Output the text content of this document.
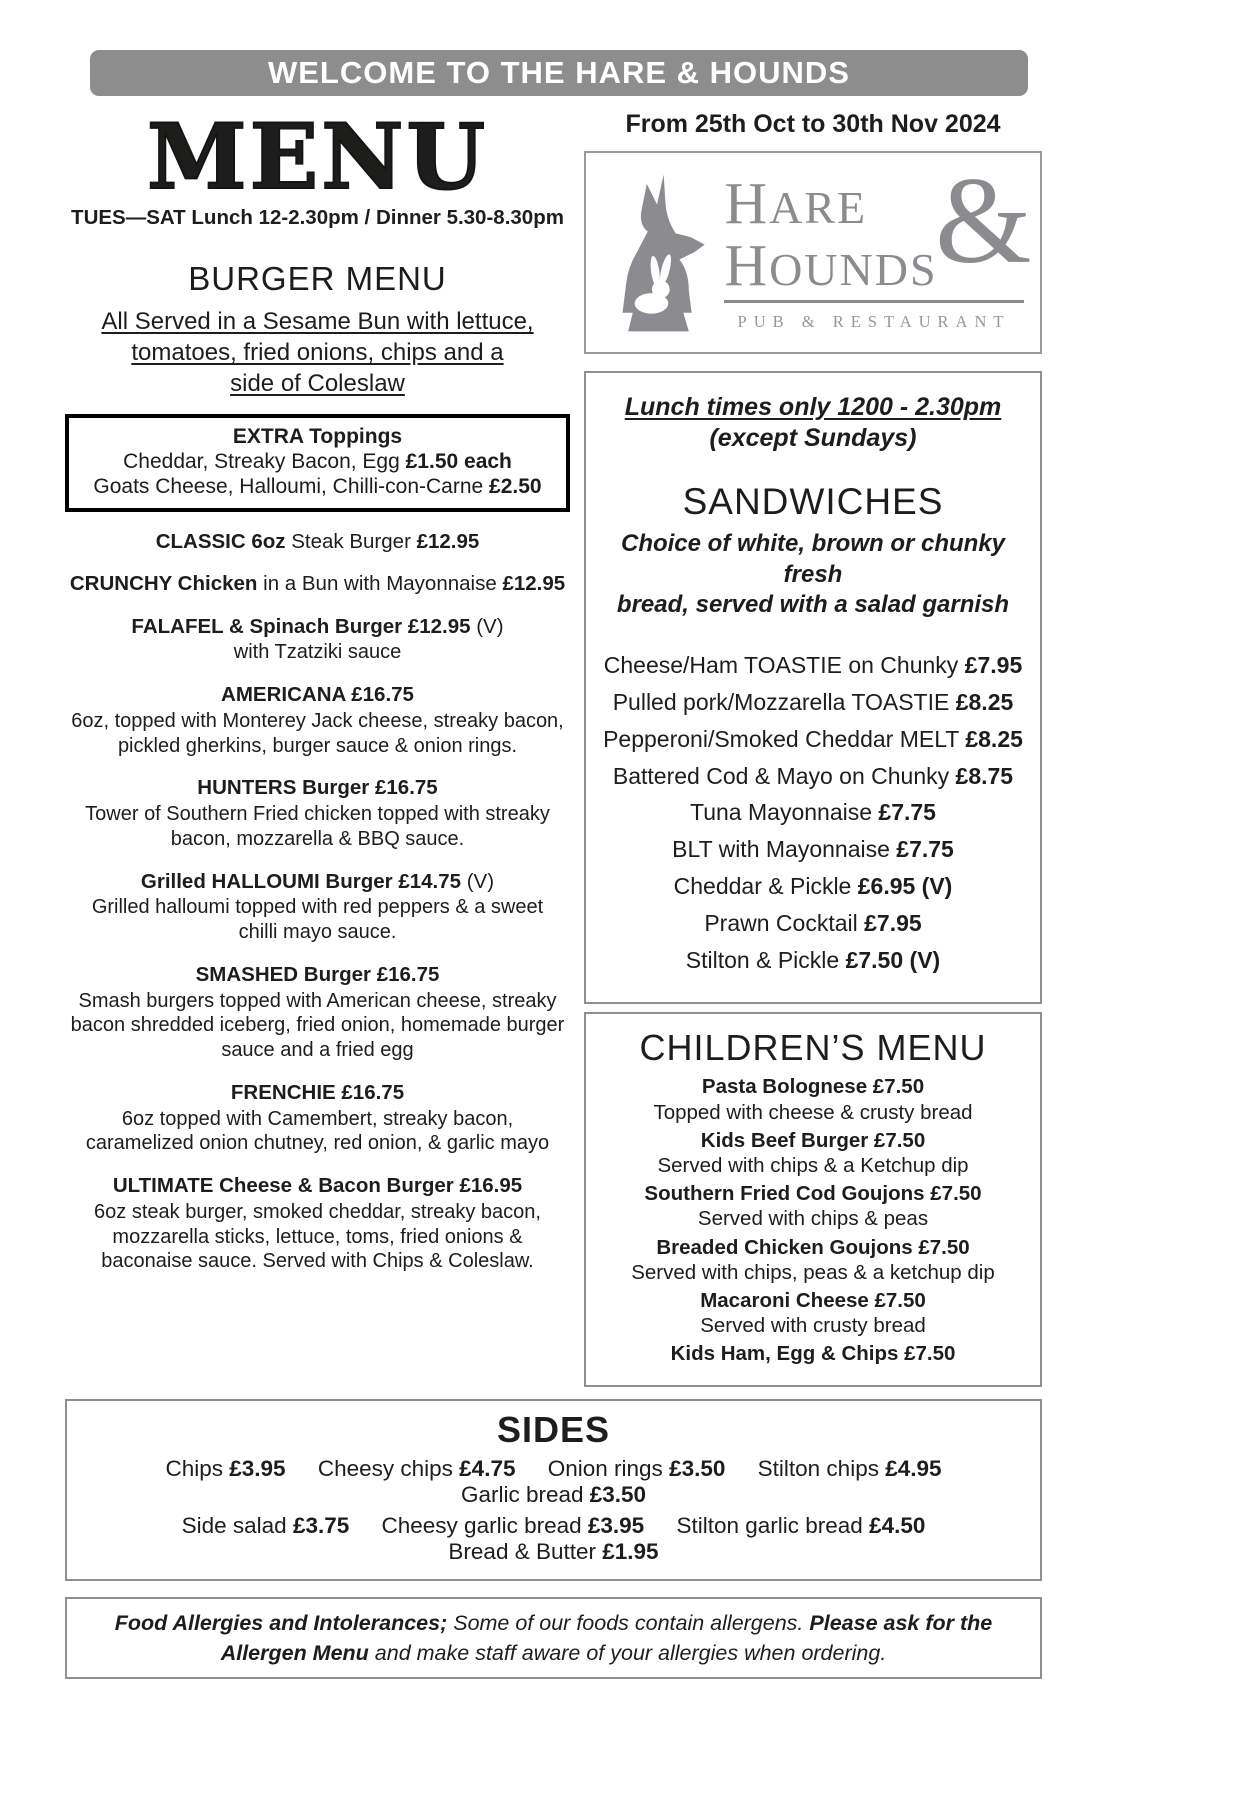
WELCOME TO THE HARE & HOUNDS
MENU
TUES—SAT Lunch 12-2.30pm / Dinner 5.30-8.30pm
BURGER MENU
All Served in a Sesame Bun with lettuce,
tomatoes, fried onions, chips and a
side of Coleslaw
EXTRA Toppings
Cheddar, Streaky Bacon, Egg £1.50 each
Goats Cheese, Halloumi, Chilli-con-Carne £2.50
CLASSIC 6oz Steak Burger £12.95
CRUNCHY Chicken in a Bun with Mayonnaise £12.95
FALAFEL & Spinach Burger £12.95 (V)
with Tzatziki sauce
AMERICANA £16.75
6oz, topped with Monterey Jack cheese, streaky bacon, pickled gherkins, burger sauce & onion rings.
HUNTERS Burger £16.75
Tower of Southern Fried chicken topped with streaky bacon, mozzarella & BBQ sauce.
Grilled HALLOUMI Burger £14.75 (V)
Grilled halloumi topped with red peppers & a sweet chilli mayo sauce.
SMASHED Burger £16.75
Smash burgers topped with American cheese, streaky bacon shredded iceberg, fried onion, homemade burger sauce and a fried egg
FRENCHIE £16.75
6oz topped with Camembert, streaky bacon, caramelized onion chutney, red onion, & garlic mayo
ULTIMATE Cheese & Bacon Burger £16.95
6oz steak burger, smoked cheddar, streaky bacon, mozzarella sticks, lettuce, toms, fried onions & baconaise sauce. Served with Chips & Coleslaw.
From 25th Oct to 30th Nov 2024
HARE
HOUNDS
&
PUB & RESTAURANT
Lunch times only 1200 - 2.30pm
(except Sundays)
SANDWICHES
Choice of white, brown or chunky fresh
bread, served with a salad garnish
Cheese/Ham TOASTIE on Chunky £7.95
Pulled pork/Mozzarella TOASTIE £8.25
Pepperoni/Smoked Cheddar MELT £8.25
Battered Cod & Mayo on Chunky £8.75
Tuna Mayonnaise £7.75
BLT with Mayonnaise £7.75
Cheddar & Pickle £6.95 (V)
Prawn Cocktail £7.95
Stilton & Pickle £7.50 (V)
CHILDREN’S MENU
Pasta Bolognese £7.50
Topped with cheese & crusty bread
Kids Beef Burger £7.50
Served with chips & a Ketchup dip
Southern Fried Cod Goujons £7.50
Served with chips & peas
Breaded Chicken Goujons £7.50
Served with chips, peas & a ketchup dip
Macaroni Cheese £7.50
Served with crusty bread
Kids Ham, Egg & Chips £7.50
SIDES
Chips £3.95 Cheesy chips £4.75 Onion rings £3.50 Stilton chips £4.95 Garlic bread £3.50
Side salad £3.75 Cheesy garlic bread £3.95 Stilton garlic bread £4.50 Bread & Butter £1.95
Food Allergies and Intolerances; Some of our foods contain allergens. Please ask for the Allergen Menu and make staff aware of your allergies when ordering.
